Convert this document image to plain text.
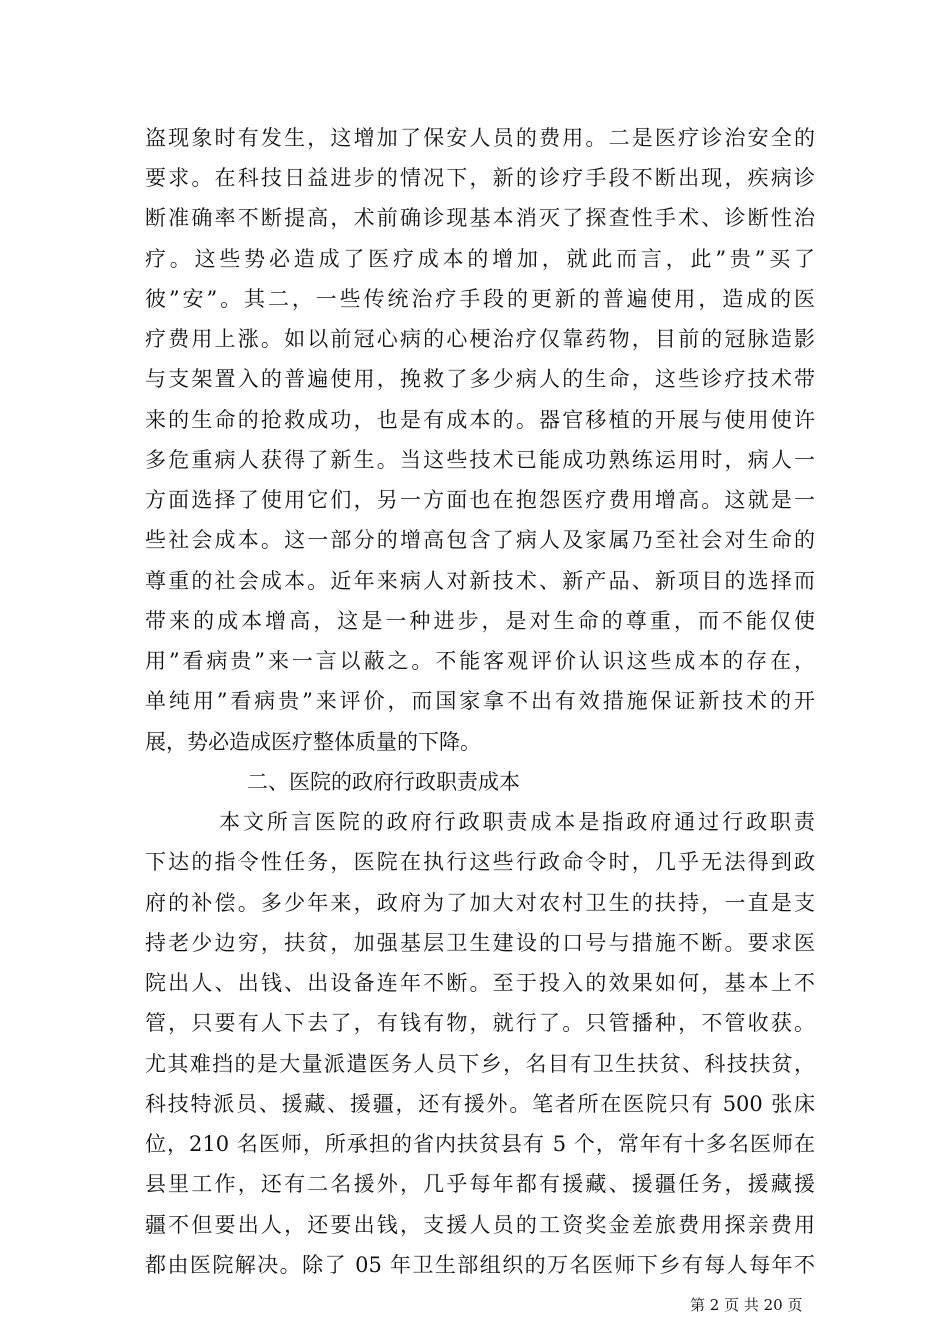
盗现象时有发生，这增加了保安人员的费用。二是医疗诊治安全的
要求。在科技日益进步的情况下，新的诊疗手段不断出现，疾病诊
断准确率不断提高，术前确诊现基本消灭了探查性手术、诊断性治
疗。这些势必造成了医疗成本的增加，就此而言，此”贵”买了
彼”安”。其二，一些传统治疗手段的更新的普遍使用，造成的医
疗费用上涨。如以前冠心病的心梗治疗仅靠药物，目前的冠脉造影
与支架置入的普遍使用，挽救了多少病人的生命，这些诊疗技术带
来的生命的抢救成功，也是有成本的。器官移植的开展与使用使许
多危重病人获得了新生。当这些技术已能成功熟练运用时，病人一
方面选择了使用它们，另一方面也在抱怨医疗费用增高。这就是一
些社会成本。这一部分的增高包含了病人及家属乃至社会对生命的
尊重的社会成本。近年来病人对新技术、新产品、新项目的选择而
带来的成本增高，这是一种进步，是对生命的尊重，而不能仅使
用”看病贵”来一言以蔽之。不能客观评价认识这些成本的存在，
单纯用”看病贵”来评价，而国家拿不出有效措施保证新技术的开
展，势必造成医疗整体质量的下降。
二、医院的政府行政职责成本
本文所言医院的政府行政职责成本是指政府通过行政职责
下达的指令性任务，医院在执行这些行政命令时，几乎无法得到政
府的补偿。多少年来，政府为了加大对农村卫生的扶持，一直是支
持老少边穷，扶贫，加强基层卫生建设的口号与措施不断。要求医
院出人、出钱、出设备连年不断。至于投入的效果如何，基本上不
管，只要有人下去了，有钱有物，就行了。只管播种，不管收获。
尤其难挡的是大量派遣医务人员下乡，名目有卫生扶贫、科技扶贫，
科技特派员、援藏、援疆，还有援外。笔者所在医院只有 500 张床
位，210 名医师，所承担的省内扶贫县有 5 个，常年有十多名医师在
县里工作，还有二名援外，几乎每年都有援藏、援疆任务，援藏援
疆不但要出人，还要出钱，支援人员的工资奖金差旅费用探亲费用
都由医院解决。除了 05 年卫生部组织的万名医师下乡有每人每年不
第 2 页 共 20 页
